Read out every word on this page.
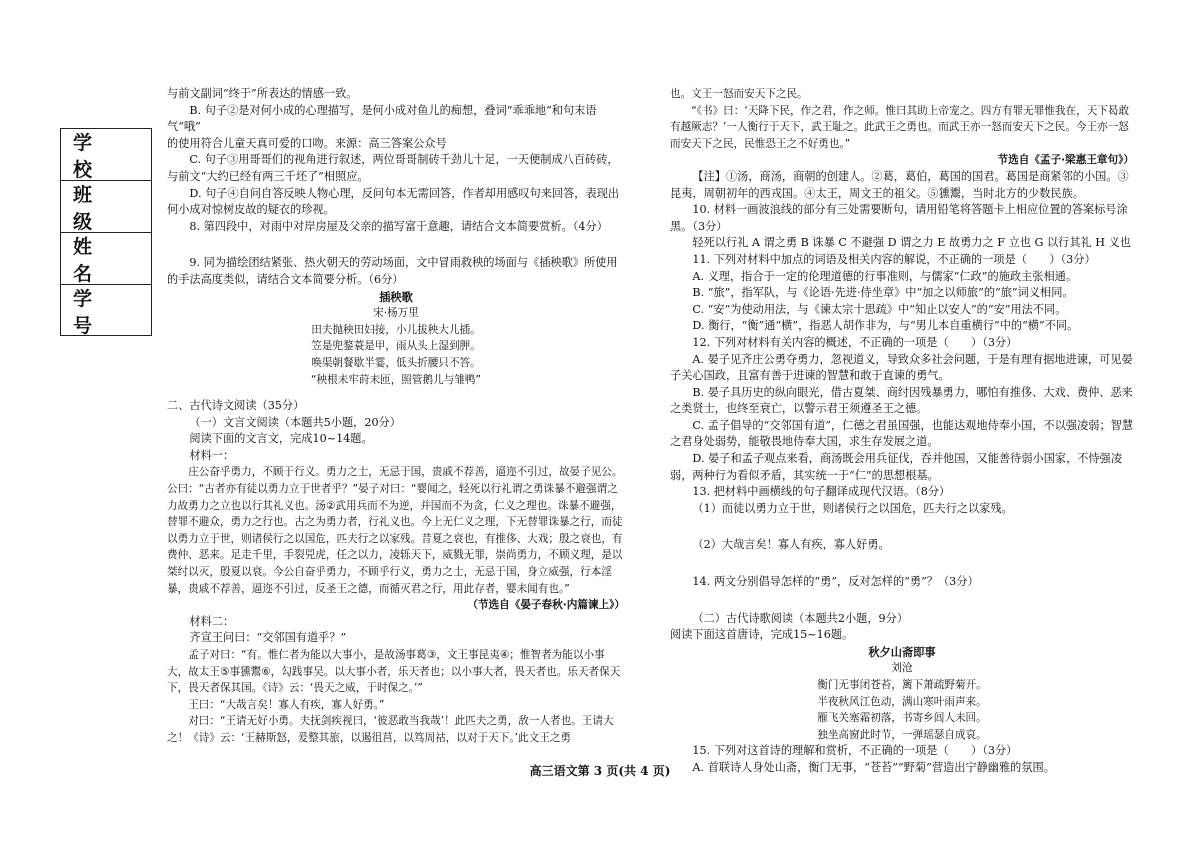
学 校
班 级
姓 名
学 号

与前文副词“终于”所表达的情感一致。

B. 句子②是对何小成的心理描写，是何小成对鱼儿的痴想，叠词“乖乖地”和句末语气“哦”

的使用符合儿童天真可爱的口吻。来源：高三答案公众号

C. 句子③用哥哥们的视角进行叙述，两位哥哥制砖千劲儿十足，一天便制成八百砖砖，

与前文“大约已经有两三千坯了”相照应。

D. 句子④自问自答反映人物心理，反问句本无需回答，作者却用感叹句来回答，表现出

何小成对惊树皮故的疑衣的珍视。

8. 第四段中，对雨中对岸房屋及父亲的描写富于意趣，请结合文本简要赏析。（4分）

9. 同为描绘团结紧张、热火朝天的劳动场面，文中冒雨救秧的场面与《插秧歌》所使用

的手法高度类似，请结合文本简要分析。（6分）

插秧歌

宋·杨万里

田夫抛秧田妇接，小儿拔秧大儿插。

笠是兜鍪蓑是甲，雨从头上湿到胛。

唤渠朝餐歇半霎，低头折腰只不答。

“秧根未牢莳未匝，照管鹅儿与雏鸭”

二、古代诗文阅读（35分）

（一）文言文阅读（本题共5小题，20分）

阅读下面的文言文，完成10~14题。

材料一：

庄公奋乎勇力，不顾于行义。勇力之士，无忌于国，贵戚不荐善，逼迩不引过，故晏子见公。公曰：“古者亦有徒以勇力立于世者乎？”晏子对曰：“婴闻之，轻死以行礼谓之勇诛暴不避强谓之力故勇力之立也以行其礼义也。汤②武用兵而不为逆，并国而不为贪，仁义之理也。诛暴不避强，替罪不避众，勇力之行也。古之为勇力者，行礼义也。今上无仁义之理，下无替罪诛暴之行，而徒以勇力立于世，则诸侯行之以国危，匹夫行之以家残。昔夏之衰也，有推侈、大戏；殷之衰也，有费仲、恶来。足走千里，手裂兕虎，任之以力，凌轹天下，威戮无罪，崇尚勇力，不顾义理，是以桀纣以灭，殷夏以衰。今公自奋乎勇力，不顾乎行义，勇力之士，无忌于国，身立威强，行本淫暴，贵戚不荐善，逼迩不引过，反圣王之德，而循灭君之行，用此存者，婴未闻有也。”

（节选自《晏子春秋·内篇谏上》）

材料二：

齐宣王问曰：“交邻国有道乎？”

孟子对曰：“有。惟仁者为能以大事小，是故汤事葛③，文王事昆夷④；惟智者为能以小事大，故太王⑤事獯鬻⑥，勾践事吴。以大事小者，乐天者也；以小事大者，畏天者也。乐天者保天下，畏天者保其国。《诗》云：‘畏天之威，于时保之。’”

王曰：“大哉言矣！寡人有疾，寡人好勇。”

对曰：“王请无好小勇。夫抚剑疾视曰，‘彼恶敢当我哉’！此匹夫之勇，敌一人者也。王请大之！《诗》云：‘王赫斯怒，爰整其旅，以遏徂莒，以笃周祜，以对于天下。’此文王之勇

也。文王一怒而安天下之民。

“《书》曰：‘天降下民，作之君，作之师。惟曰其助上帝宠之。四方有罪无罪惟我在，天下曷敢有越厥志？’一人衡行于天下，武王耻之。此武王之勇也。而武王亦一怒而安天下之民。今王亦一怒而安天下之民，民惟恐王之不好勇也。”

节选自《孟子·梁惠王章句》）

【注】①汤，商汤，商朝的创建人。②葛，葛伯，葛国的国君。葛国是商紧邻的小国。③昆夷，周朝初年的西戎国。④太王，周文王的祖父。⑤獯鬻，当时北方的少数民族。

10. 材料一画波浪线的部分有三处需要断句，请用铅笔将答题卡上相应位置的答案标号涂黑。（3分）

轻死以行礼 A 谓之勇 B 诛暴 C 不避强 D 谓之力 E 故勇力之 F 立也 G 以行其礼 H 义也

11. 下列对材料中加点的词语及相关内容的解说，不正确的一项是（　　）（3分）

A. 义理，指合于一定的伦理道德的行事准则，与儒家“仁政”的施政主张相通。

B. “旅”，指军队，与《论语·先进·侍坐章》中“加之以师旅”的“旅”词义相同。

C. “安”为使动用法，与《谏太宗十思疏》中“知止以安人”的“安”用法不同。

D. 衡行，“衡”通“横”，指恶人胡作非为，与“男儿本自重横行”中的“横”不同。

12. 下列对材料有关内容的概述，不正确的一项是（　　）（3分）

A. 晏子见齐庄公勇夺勇力，忽视道义，导致众多社会问题，于是有理有据地进谏，可见晏子关心国政，且富有善于进谏的智慧和敢于直谏的勇气。

B. 晏子具历史的纵向眼光，借古夏桀、商纣因残暴勇力，哪怕有推侈、大戏、费仲、恶来之类贤士，也终至衰亡，以警示君王须遵圣王之德。

C. 孟子倡导的“交邻国有道”，仁德之君虽国强，也能达观地侍奉小国，不以强凌弱；智慧之君身处弱势，能敬畏地侍奉大国，求生存发展之道。

D. 晏子和孟子观点来看，商汤既会用兵征伐，吞并他国，又能善待弱小国家，不恃强凌弱，两种行为看似矛盾，其实统一于“仁”的思想根基。

13. 把材料中画横线的句子翻译成现代汉语。（8分）

（1）而徒以勇力立于世，则诸侯行之以国危，匹夫行之以家残。

（2）大哉言矣！寡人有疾，寡人好勇。

14. 两文分别倡导怎样的“勇”，反对怎样的“勇”？（3分）

（二）古代诗歌阅读（本题共2小题，9分）

阅读下面这首唐诗，完成15~16题。

秋夕山斋即事

刘沧

衡门无事闭苍苔，篱下萧疏野菊开。

半夜秋风江色动，满山寒叶雨声来。

雁飞关塞霜初落，书寄乡闾人未回。

独坐高窗此时节，一弹瑶瑟自成哀。

15. 下列对这首诗的理解和赏析，不正确的一项是（　　）（3分）

A. 首联诗人身处山斋，衡门无事，“苍苔”“野菊”营造出宁静幽雅的氛围。

高三语文第 3 页(共 4 页)
